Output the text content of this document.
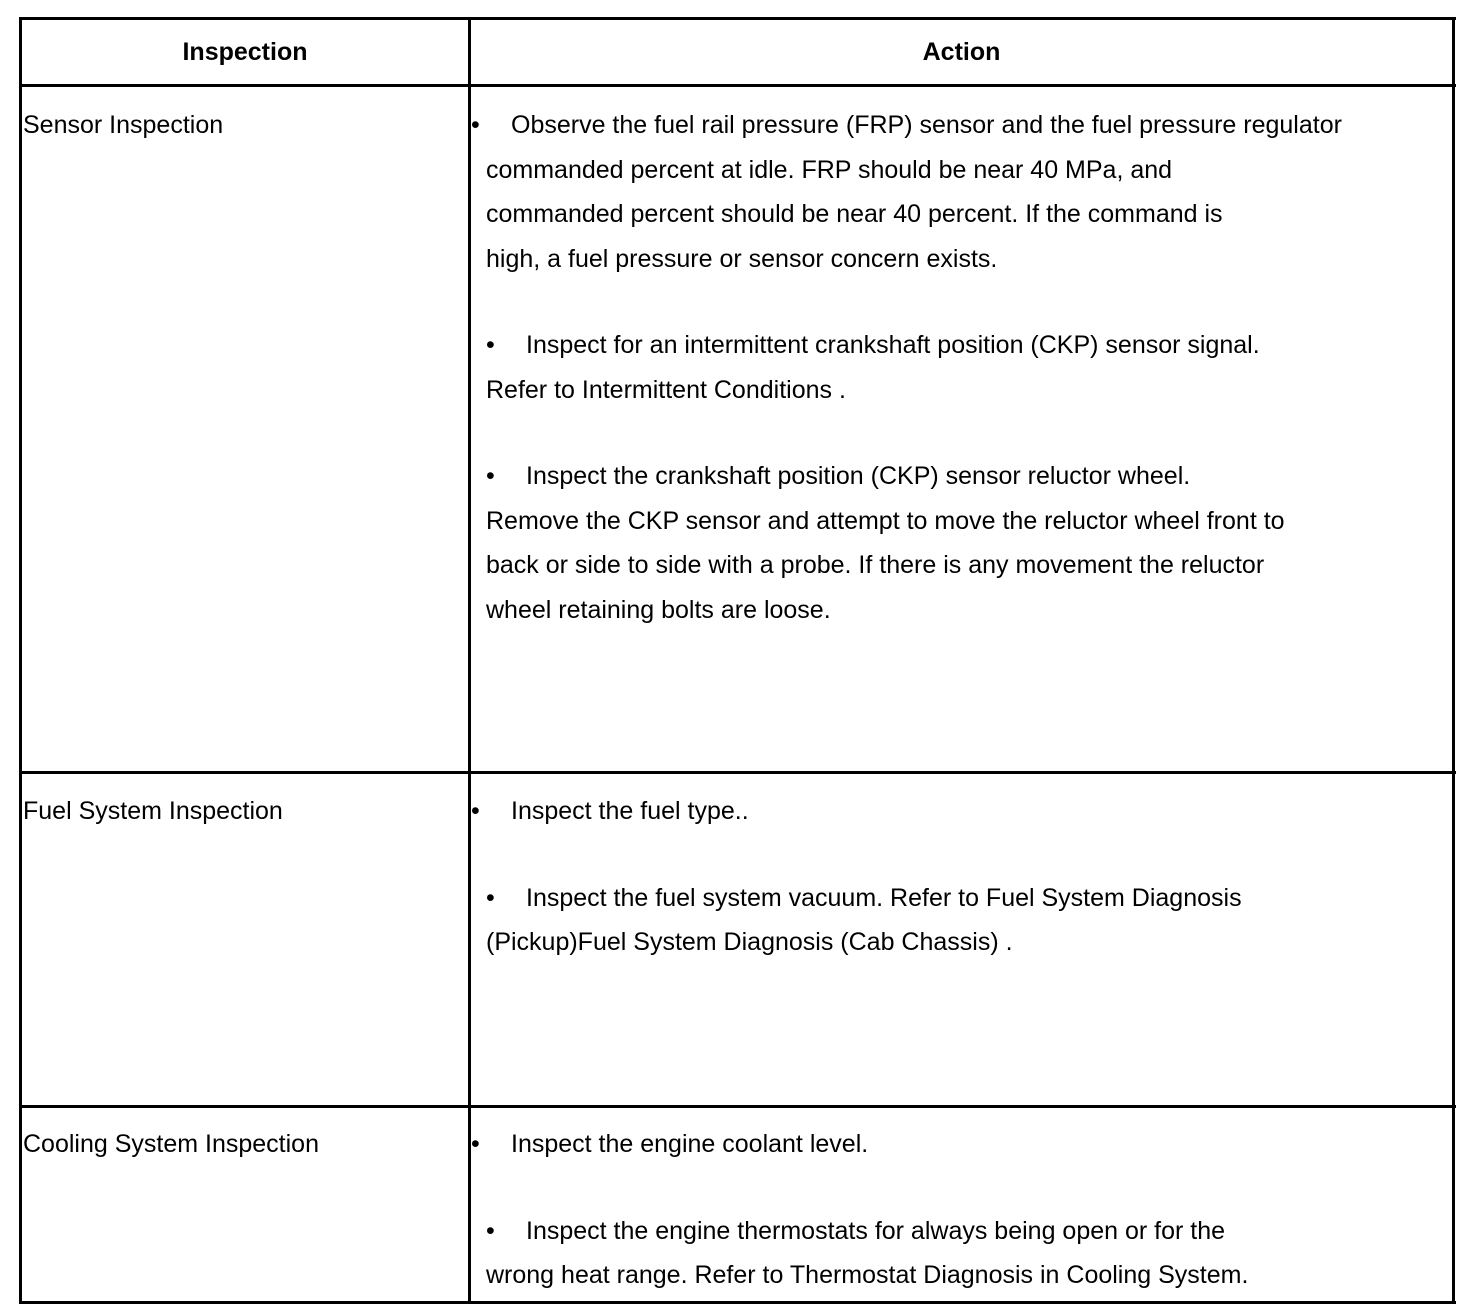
Inspection	Action
Sensor Inspection	• Observe the fuel rail pressure (FRP) sensor and the fuel pressure regulator
commanded percent at idle. FRP should be near 40 MPa, and
commanded percent should be near 40 percent. If the command is
high, a fuel pressure or sensor concern exists.
• Inspect for an intermittent crankshaft position (CKP) sensor signal.
Refer to Intermittent Conditions .
• Inspect the crankshaft position (CKP) sensor reluctor wheel.
Remove the CKP sensor and attempt to move the reluctor wheel front to
back or side to side with a probe. If there is any movement the reluctor
wheel retaining bolts are loose.
Fuel System Inspection	• Inspect the fuel type..
• Inspect the fuel system vacuum. Refer to Fuel System Diagnosis
(Pickup)Fuel System Diagnosis (Cab Chassis) .
Cooling System Inspection	• Inspect the engine coolant level.
• Inspect the engine thermostats for always being open or for the
wrong heat range. Refer to Thermostat Diagnosis in Cooling System.
